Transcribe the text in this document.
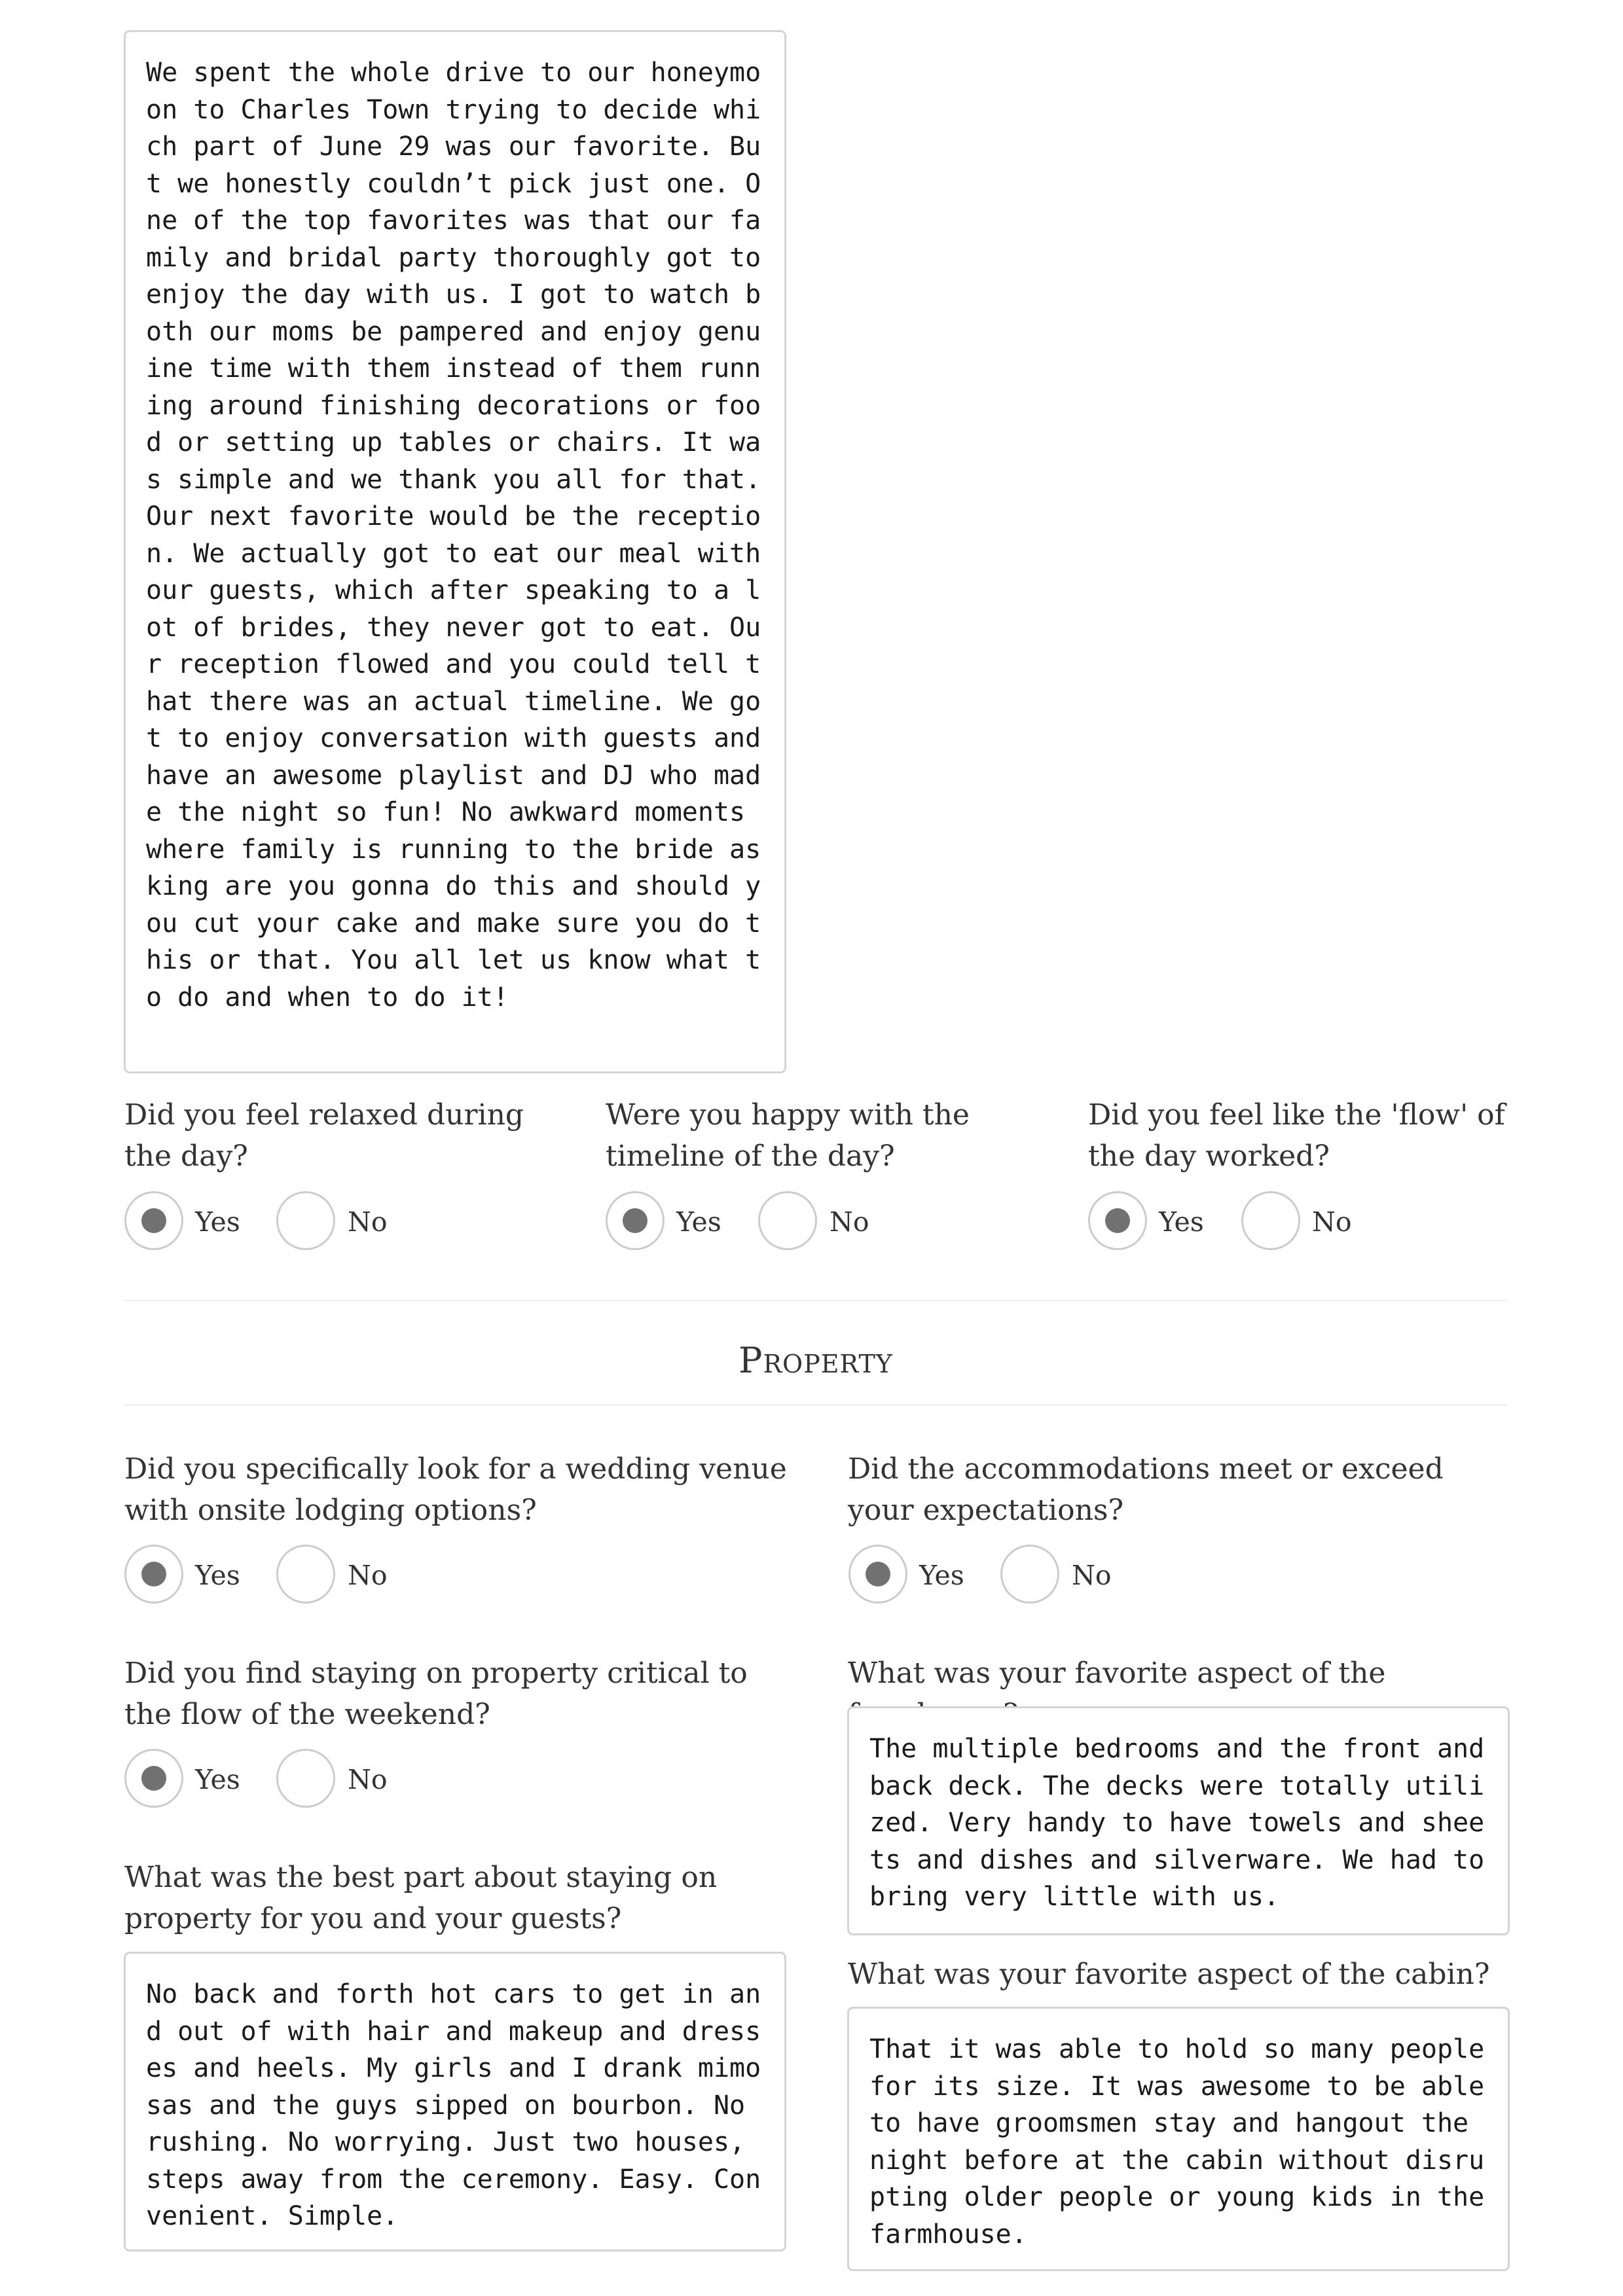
We spent the whole drive to our honeymoon to Charles Town trying to decide which part of June 29 was our favorite. But we honestly couldn’t pick just one. One of the top favorites was that our family and bridal party thoroughly got to enjoy the day with us. I got to watch both our moms be pampered and enjoy genuine time with them instead of them running around finishing decorations or food or setting up tables or chairs. It was simple and we thank you all for that. Our next favorite would be the reception. We actually got to eat our meal with our guests, which after speaking to a lot of brides, they never got to eat. Our reception flowed and you could tell that there was an actual timeline. We got to enjoy conversation with guests and have an awesome playlist and DJ who made the night so fun! No awkward moments where family is running to the bride asking are you gonna do this and should you cut your cake and make sure you do this or that. You all let us know what to do and when to do it!
Did you feel relaxed during the day?
Yes	No
Were you happy with the timeline of the day?
Yes	No
Did you feel like the 'flow' of the day worked?
Yes	No
Property
Did you specifically look for a wedding venue with onsite lodging options?
Yes	No
Did you find staying on property critical to the flow of the weekend?
Yes	No
What was the best part about staying on property for you and your guests?
No back and forth hot cars to get in and out of with hair and makeup and dresses and heels. My girls and I drank mimosas and the guys sipped on bourbon. No rushing. No worrying. Just two houses, steps away from the ceremony. Easy. Convenient. Simple.
Did the accommodations meet or exceed your expectations?
Yes	No
What was your favorite aspect of the
The multiple bedrooms and the front and back deck. The decks were totally utilized. Very handy to have towels and sheets and dishes and silverware. We had to bring very little with us.
What was your favorite aspect of the cabin?
That it was able to hold so many people for its size. It was awesome to be able to have groomsmen stay and hangout the night before at the cabin without disrupting older people or young kids in the farmhouse.
